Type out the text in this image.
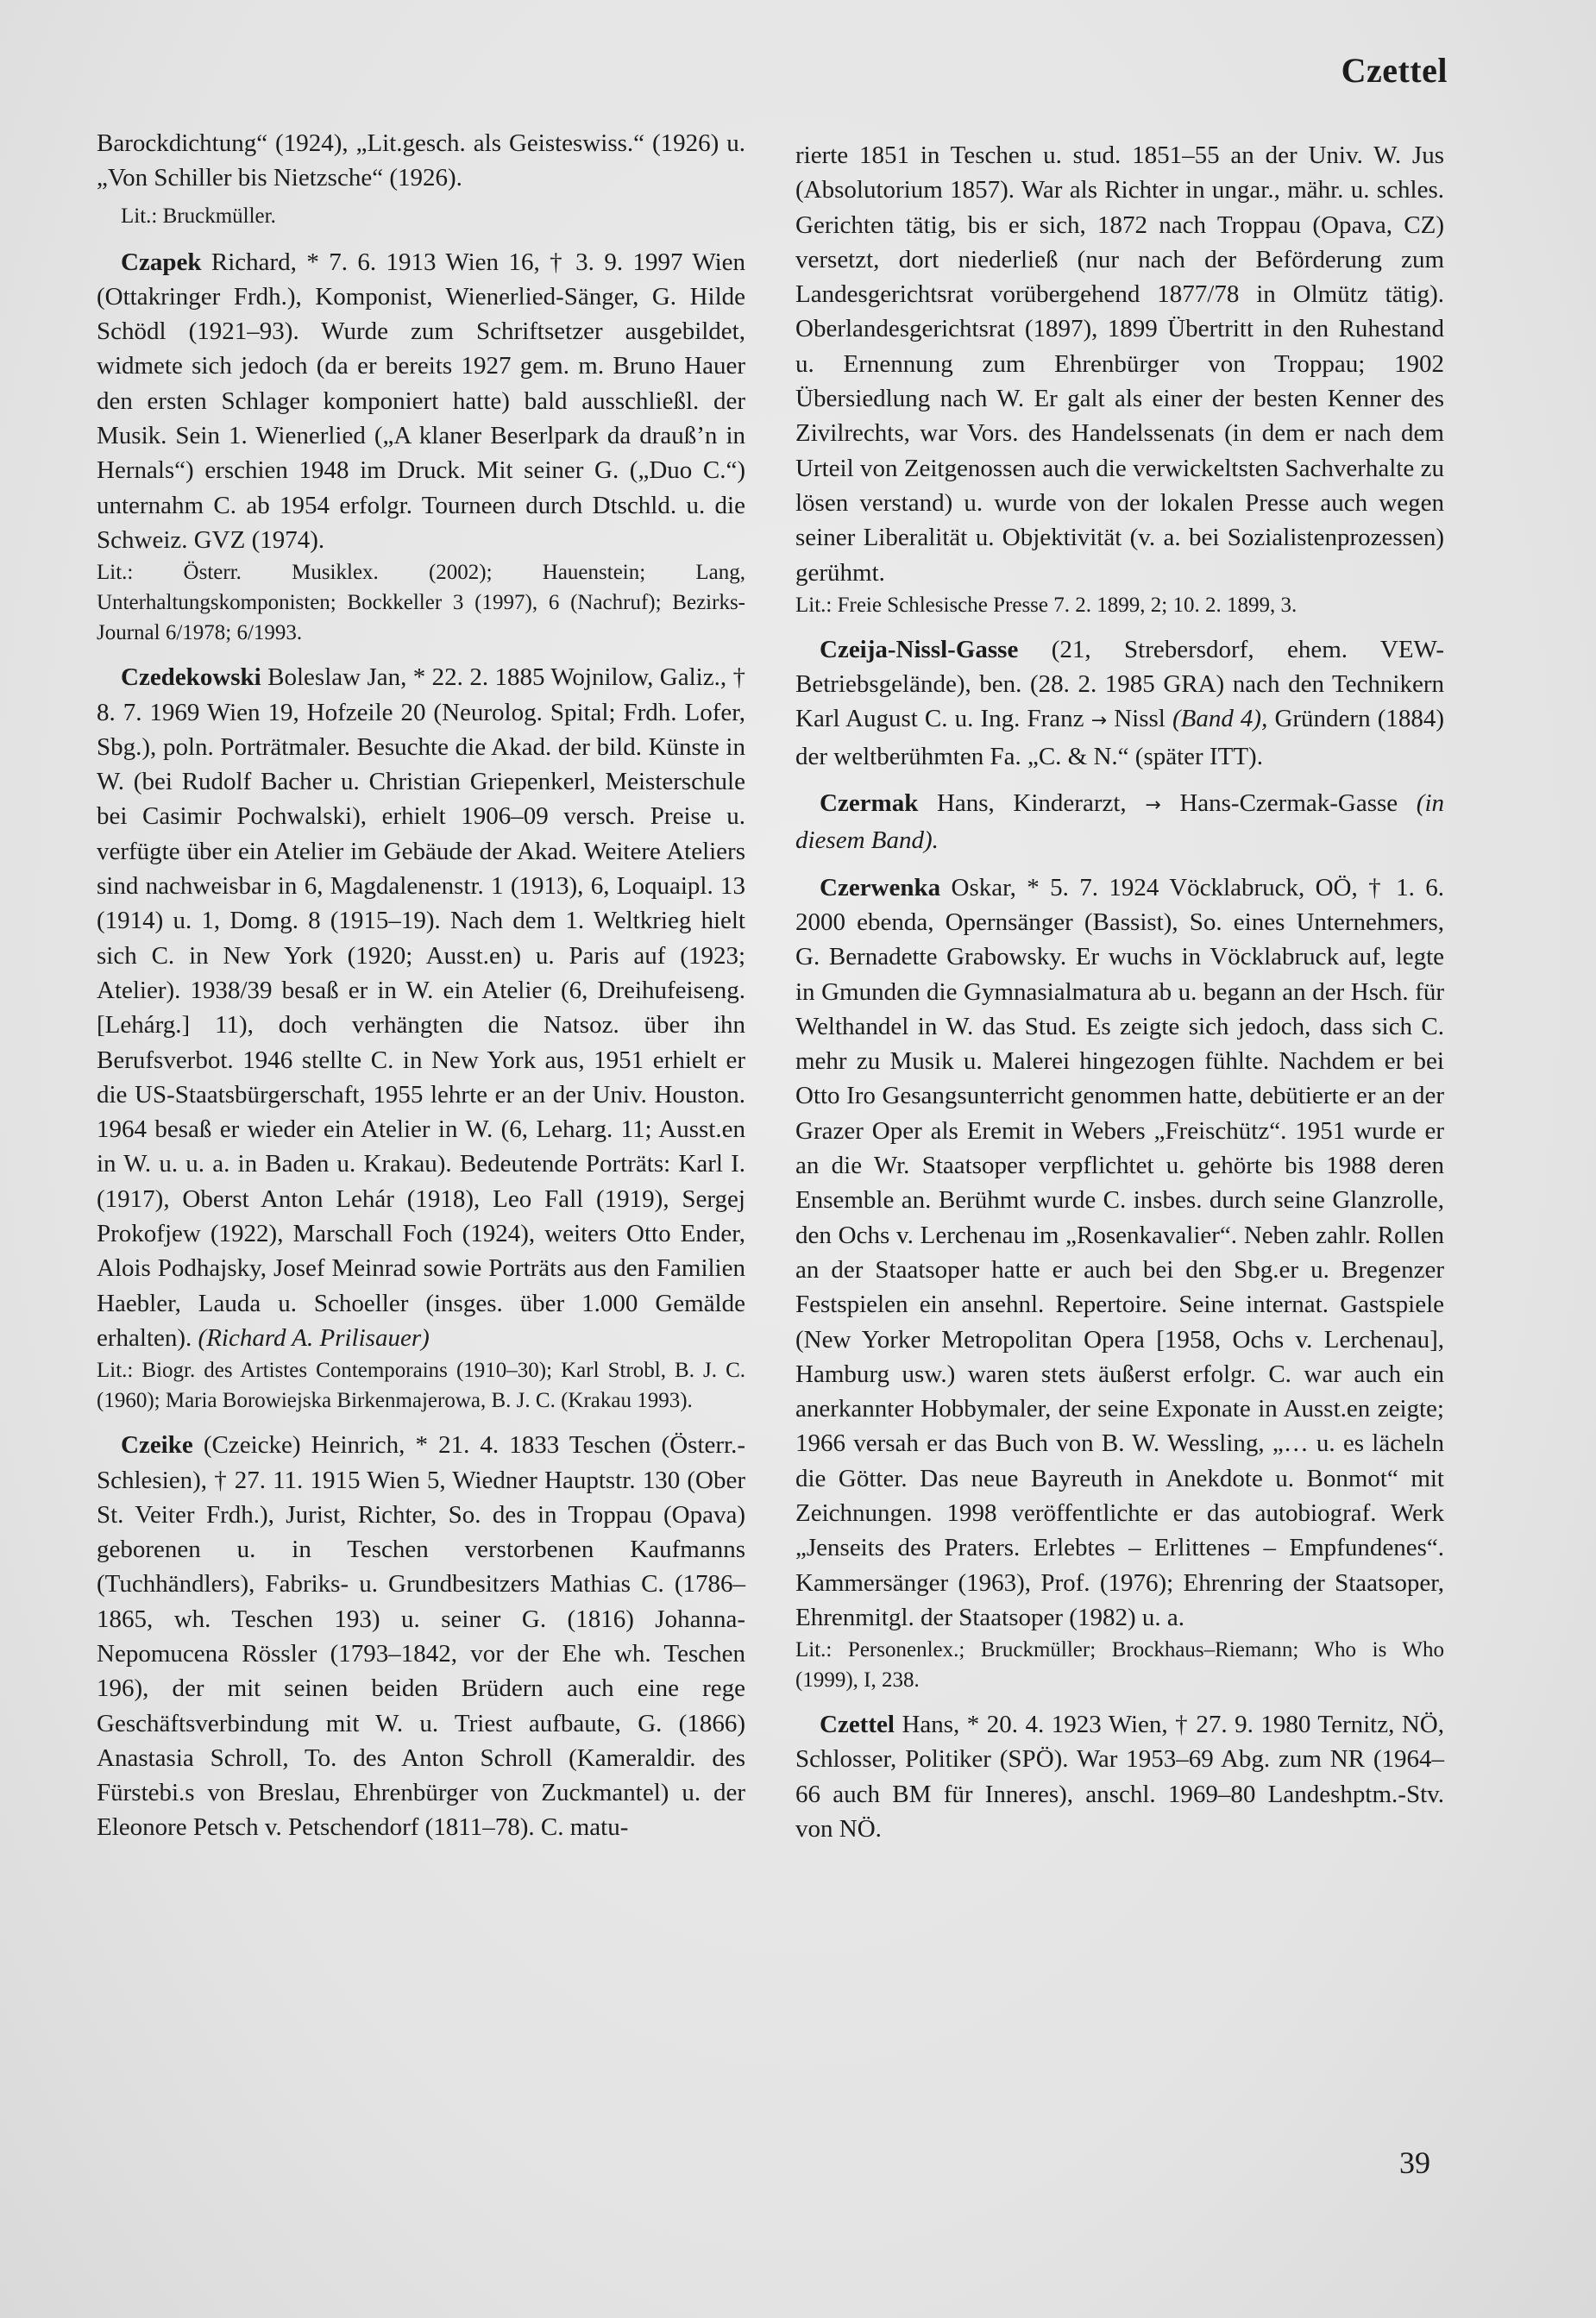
Czettel

Barockdichtung“ (1924), „Lit.gesch. als Geisteswiss.“ (1926) u. „Von Schiller bis Nietzsche“ (1926).

Lit.: Bruckmüller.

Czapek Richard, * 7. 6. 1913 Wien 16, † 3. 9. 1997 Wien (Ottakringer Frdh.), Komponist, Wienerlied-Sänger, G. Hilde Schödl (1921–93). Wurde zum Schriftsetzer ausgebildet, widmete sich jedoch (da er bereits 1927 gem. m. Bruno Hauer den ersten Schlager komponiert hatte) bald ausschließl. der Musik. Sein 1. Wienerlied („A klaner Beserlpark da drauß’n in Hernals“) erschien 1948 im Druck. Mit seiner G. („Duo C.“) unternahm C. ab 1954 erfolgr. Tourneen durch Dtschld. u. die Schweiz. GVZ (1974).

Lit.: Österr. Musiklex. (2002); Hauenstein; Lang, Unterhaltungskomponisten; Bockkeller 3 (1997), 6 (Nachruf); Bezirks-Journal 6/1978; 6/1993.

Czedekowski Boleslaw Jan, * 22. 2. 1885 Wojnilow, Galiz., † 8. 7. 1969 Wien 19, Hofzeile 20 (Neurolog. Spital; Frdh. Lofer, Sbg.), poln. Porträtmaler. Besuchte die Akad. der bild. Künste in W. (bei Rudolf Bacher u. Christian Griepenkerl, Meisterschule bei Casimir Pochwalski), erhielt 1906–09 versch. Preise u. verfügte über ein Atelier im Gebäude der Akad. Weitere Ateliers sind nachweisbar in 6, Magdalenenstr. 1 (1913), 6, Loquaipl. 13 (1914) u. 1, Domg. 8 (1915–19). Nach dem 1. Weltkrieg hielt sich C. in New York (1920; Ausst.en) u. Paris auf (1923; Atelier). 1938/39 besaß er in W. ein Atelier (6, Dreihufeiseng. [Lehárg.] 11), doch verhängten die Natsoz. über ihn Berufsverbot. 1946 stellte C. in New York aus, 1951 erhielt er die US-Staatsbürgerschaft, 1955 lehrte er an der Univ. Houston. 1964 besaß er wieder ein Atelier in W. (6, Leharg. 11; Ausst.en in W. u. u. a. in Baden u. Krakau). Bedeutende Porträts: Karl I. (1917), Oberst Anton Lehár (1918), Leo Fall (1919), Sergej Prokofjew (1922), Marschall Foch (1924), weiters Otto Ender, Alois Podhajsky, Josef Meinrad sowie Porträts aus den Familien Haebler, Lauda u. Schoeller (insges. über 1.000 Gemälde erhalten). (Richard A. Prilisauer)

Lit.: Biogr. des Artistes Contemporains (1910–30); Karl Strobl, B. J. C. (1960); Maria Borowiejska Birkenmajerowa, B. J. C. (Krakau 1993).

Czeike (Czeicke) Heinrich, * 21. 4. 1833 Teschen (Österr.-Schlesien), † 27. 11. 1915 Wien 5, Wiedner Hauptstr. 130 (Ober St. Veiter Frdh.), Jurist, Richter, So. des in Troppau (Opava) geborenen u. in Teschen verstorbenen Kaufmanns (Tuchhändlers), Fabriks- u. Grundbesitzers Mathias C. (1786–1865, wh. Teschen 193) u. seiner G. (1816) Johanna-Nepomucena Rössler (1793–1842, vor der Ehe wh. Teschen 196), der mit seinen beiden Brüdern auch eine rege Geschäftsverbindung mit W. u. Triest aufbaute, G. (1866) Anastasia Schroll, To. des Anton Schroll (Kameraldir. des Fürstebi.s von Breslau, Ehrenbürger von Zuckmantel) u. der Eleonore Petsch v. Petschendorf (1811–78). C. matu-

rierte 1851 in Teschen u. stud. 1851–55 an der Univ. W. Jus (Absolutorium 1857). War als Richter in ungar., mähr. u. schles. Gerichten tätig, bis er sich, 1872 nach Troppau (Opava, CZ) versetzt, dort niederließ (nur nach der Beförderung zum Landesgerichtsrat vorübergehend 1877/78 in Olmütz tätig). Oberlandesgerichtsrat (1897), 1899 Übertritt in den Ruhestand u. Ernennung zum Ehrenbürger von Troppau; 1902 Übersiedlung nach W. Er galt als einer der besten Kenner des Zivilrechts, war Vors. des Handelssenats (in dem er nach dem Urteil von Zeitgenossen auch die verwickeltsten Sachverhalte zu lösen verstand) u. wurde von der lokalen Presse auch wegen seiner Liberalität u. Objektivität (v. a. bei Sozialistenprozessen) gerühmt.

Lit.: Freie Schlesische Presse 7. 2. 1899, 2; 10. 2. 1899, 3.

Czeija-Nissl-Gasse (21, Strebersdorf, ehem. VEW-Betriebsgelände), ben. (28. 2. 1985 GRA) nach den Technikern Karl August C. u. Ing. Franz → Nissl (Band 4), Gründern (1884) der weltberühmten Fa. „C. & N.“ (später ITT).

Czermak Hans, Kinderarzt, → Hans-Czermak-Gasse (in diesem Band).

Czerwenka Oskar, * 5. 7. 1924 Vöcklabruck, OÖ, † 1. 6. 2000 ebenda, Opernsänger (Bassist), So. eines Unternehmers, G. Bernadette Grabowsky. Er wuchs in Vöcklabruck auf, legte in Gmunden die Gymnasialmatura ab u. begann an der Hsch. für Welthandel in W. das Stud. Es zeigte sich jedoch, dass sich C. mehr zu Musik u. Malerei hingezogen fühlte. Nachdem er bei Otto Iro Gesangsunterricht genommen hatte, debütierte er an der Grazer Oper als Eremit in Webers „Freischütz“. 1951 wurde er an die Wr. Staatsoper verpflichtet u. gehörte bis 1988 deren Ensemble an. Berühmt wurde C. insbes. durch seine Glanzrolle, den Ochs v. Lerchenau im „Rosenkavalier“. Neben zahlr. Rollen an der Staatsoper hatte er auch bei den Sbg.er u. Bregenzer Festspielen ein ansehnl. Repertoire. Seine internat. Gastspiele (New Yorker Metropolitan Opera [1958, Ochs v. Lerchenau], Hamburg usw.) waren stets äußerst erfolgr. C. war auch ein anerkannter Hobbymaler, der seine Exponate in Ausst.en zeigte; 1966 versah er das Buch von B. W. Wessling, „… u. es lächeln die Götter. Das neue Bayreuth in Anekdote u. Bonmot“ mit Zeichnungen. 1998 veröffentlichte er das autobiograf. Werk „Jenseits des Praters. Erlebtes – Erlittenes – Empfundenes“. Kammersänger (1963), Prof. (1976); Ehrenring der Staatsoper, Ehrenmitgl. der Staatsoper (1982) u. a.

Lit.: Personenlex.; Bruckmüller; Brockhaus–Riemann; Who is Who (1999), I, 238.

Czettel Hans, * 20. 4. 1923 Wien, † 27. 9. 1980 Ternitz, NÖ, Schlosser, Politiker (SPÖ). War 1953–69 Abg. zum NR (1964–66 auch BM für Inneres), anschl. 1969–80 Landeshptm.-Stv. von NÖ.

39
